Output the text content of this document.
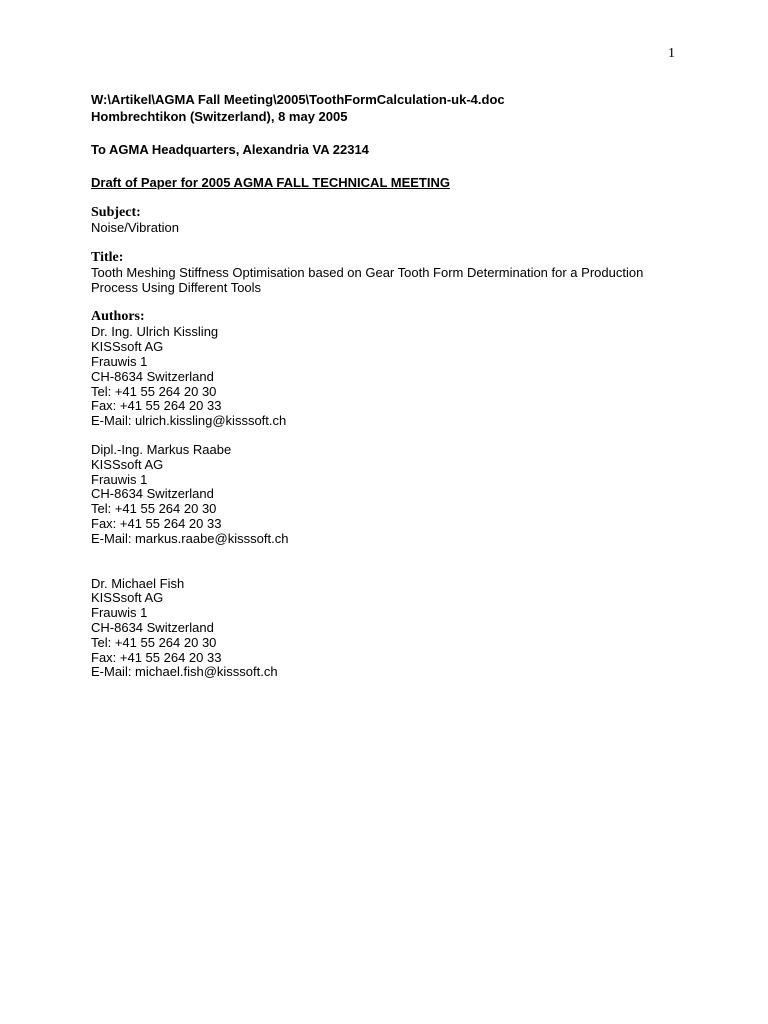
1

W:\Artikel\AGMA Fall Meeting\2005\ToothFormCalculation-uk-4.doc

Hombrechtikon (Switzerland), 8 may 2005

To AGMA Headquarters, Alexandria VA 22314

Draft of Paper for 2005 AGMA FALL TECHNICAL MEETING

Subject:

Noise/Vibration

Title:

Tooth Meshing Stiffness Optimisation based on Gear Tooth Form Determination for a Production

Process Using Different Tools

Authors:

Dr. Ing. Ulrich Kissling

KISSsoft AG

Frauwis 1

CH-8634 Switzerland

Tel: +41 55 264 20 30

Fax: +41 55 264 20 33

E-Mail: ulrich.kissling@kisssoft.ch

Dipl.-Ing. Markus Raabe

KISSsoft AG

Frauwis 1

CH-8634 Switzerland

Tel: +41 55 264 20 30

Fax: +41 55 264 20 33

E-Mail: markus.raabe@kisssoft.ch

Dr. Michael Fish

KISSsoft AG

Frauwis 1

CH-8634 Switzerland

Tel: +41 55 264 20 30

Fax: +41 55 264 20 33

E-Mail: michael.fish@kisssoft.ch
